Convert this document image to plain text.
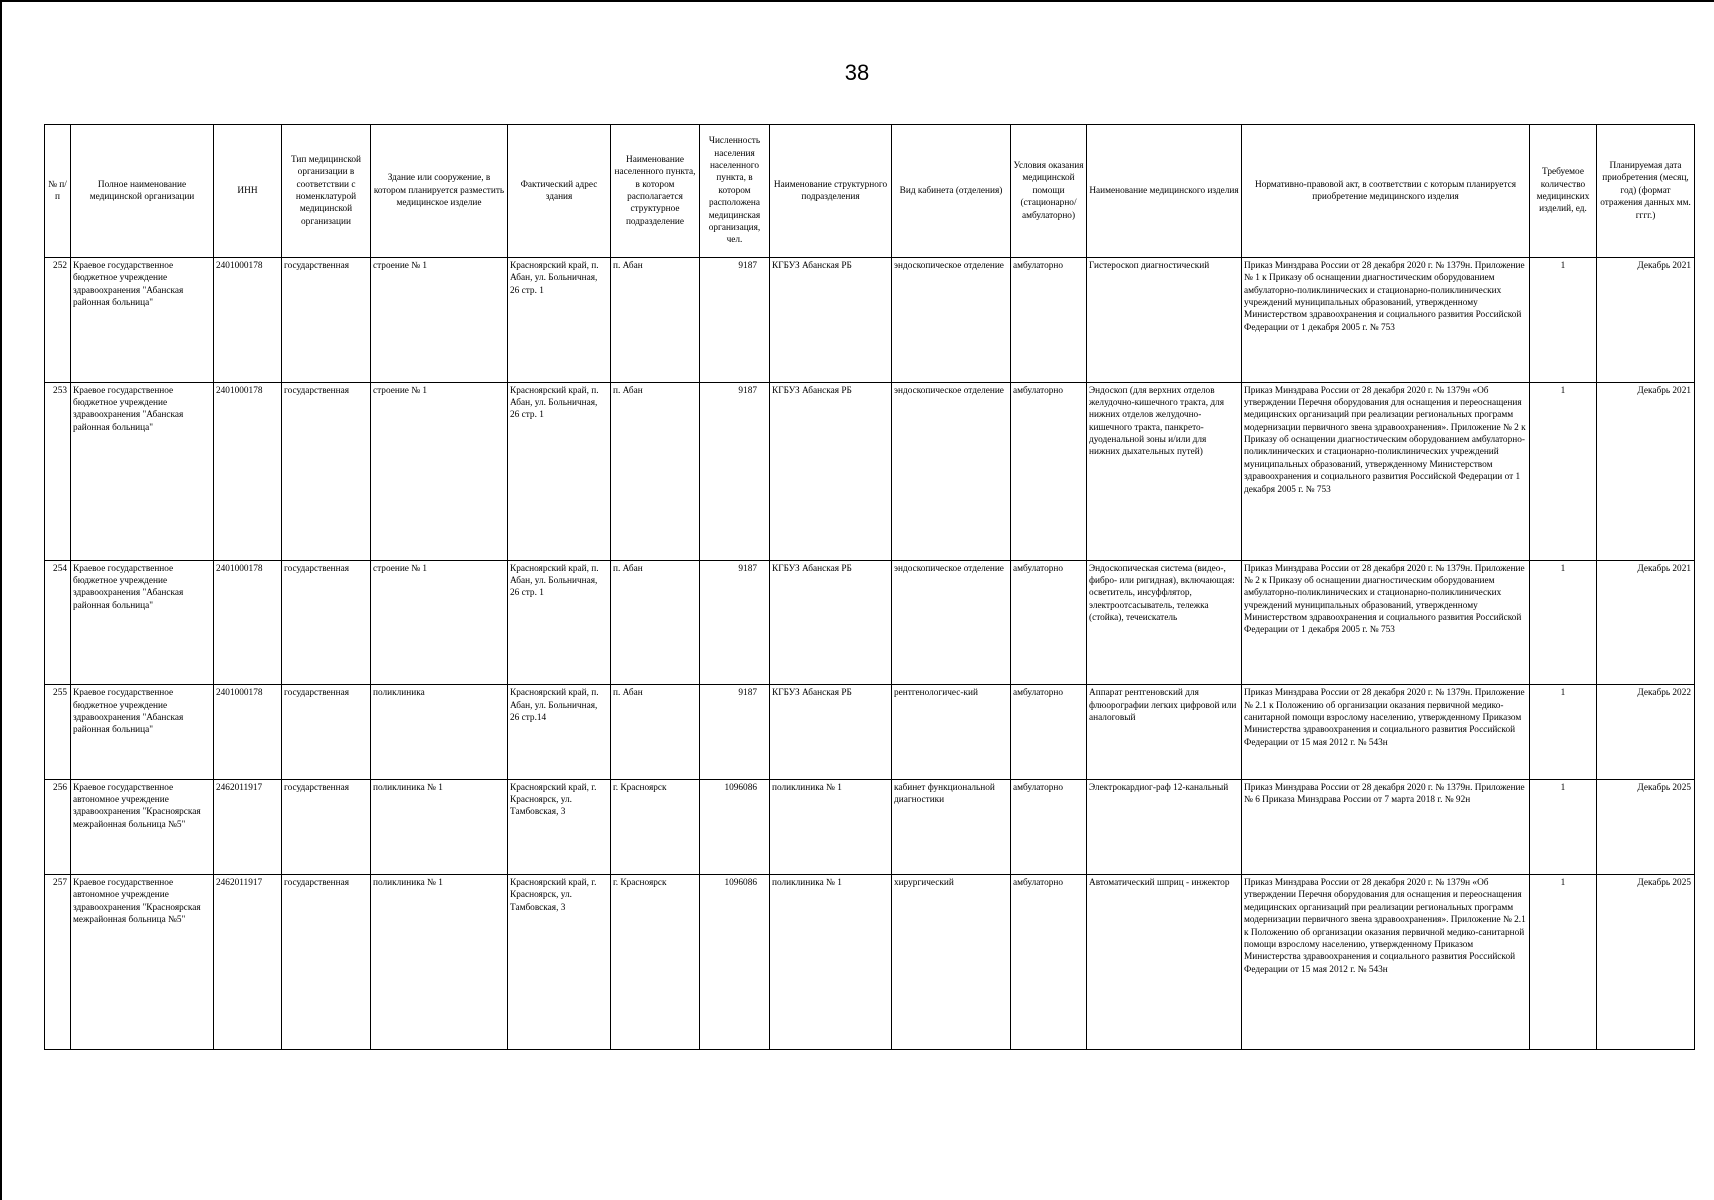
38
№ п/п	Полное наименование медицинской организации	ИНН	Тип медицинской организации в соответствии с номенклатурой медицинской организации	Здание или сооружение, в котором планируется разместить медицинское изделие	Фактический адрес здания	Наименование населенного пункта, в котором располагается структурное подразделение	Численность населения населенного пункта, в котором расположена медицинская организация, чел.	Наименование структурного подразделения	Вид кабинета (отделения)	Условия оказания медицинской помощи (стационарно/ амбулаторно)	Наименование медицинского изделия	Нормативно-правовой акт, в соответствии с которым планируется приобретение медицинского изделия	Требуемое количество медицинских изделий, ед.	Планируемая дата приобретения (месяц, год) (формат отражения данных мм. гггг.)
252	Краевое государственное бюджетное учреждение здравоохранения "Абанская районная больница"	2401000178	государственная	строение № 1	Красноярский край, п. Абан, ул. Больничная, 26 стр. 1	п. Абан	9187	КГБУЗ Абанская РБ	эндоскопическое отделение	амбулаторно	Гистероскоп диагностический	Приказ Минздрава России от 28 декабря 2020 г. № 1379н. Приложение № 1 к Приказу об оснащении диагностическим оборудованием амбулаторно-поликлинических и стационарно-поликлинических учреждений муниципальных образований, утвержденному Министерством здравоохранения и социального развития Российской Федерации от 1 декабря 2005 г. № 753	1	Декабрь 2021
253	Краевое государственное бюджетное учреждение здравоохранения "Абанская районная больница"	2401000178	государственная	строение № 1	Красноярский край, п. Абан, ул. Больничная, 26 стр. 1	п. Абан	9187	КГБУЗ Абанская РБ	эндоскопическое отделение	амбулаторно	Эндоскоп (для верхних отделов желудочно-кишечного тракта, для нижних отделов желудочно-кишечного тракта, панкрето-дуоденальной зоны и/или для нижних дыхательных путей)	Приказ Минздрава России от 28 декабря 2020 г. № 1379н «Об утверждении Перечня оборудования для оснащения и переоснащения медицинских организаций при реализации региональных программ модернизации первичного звена здравоохранения». Приложение № 2 к Приказу об оснащении диагностическим оборудованием амбулаторно-поликлинических и стационарно-поликлинических учреждений муниципальных образований, утвержденному Министерством здравоохранения и социального развития Российской Федерации от 1 декабря 2005 г. № 753	1	Декабрь 2021
254	Краевое государственное бюджетное учреждение здравоохранения "Абанская районная больница"	2401000178	государственная	строение № 1	Красноярский край, п. Абан, ул. Больничная, 26 стр. 1	п. Абан	9187	КГБУЗ Абанская РБ	эндоскопическое отделение	амбулаторно	Эндоскопическая система (видео-, фибро- или ригидная), включающая: осветитель, инсуффлятор, электроотсасыватель, тележка (стойка), течеискатель	Приказ Минздрава России от 28 декабря 2020 г. № 1379н. Приложение № 2 к Приказу об оснащении диагностическим оборудованием амбулаторно-поликлинических и стационарно-поликлинических учреждений муниципальных образований, утвержденному Министерством здравоохранения и социального развития Российской Федерации от 1 декабря 2005 г. № 753	1	Декабрь 2021
255	Краевое государственное бюджетное учреждение здравоохранения "Абанская районная больница"	2401000178	государственная	поликлиника	Красноярский край, п. Абан, ул. Больничная, 26 стр.14	п. Абан	9187	КГБУЗ Абанская РБ	рентгенологичес-кий	амбулаторно	Аппарат рентгеновский для флюорографии легких цифровой или аналоговый	Приказ Минздрава России от 28 декабря 2020 г. № 1379н. Приложение № 2.1 к Положению об организации оказания первичной медико-санитарной помощи взрослому населению, утвержденному Приказом Министерства здравоохранения и социального развития Российской Федерации от 15 мая 2012 г. № 543н	1	Декабрь 2022
256	Краевое государственное автономное учреждение здравоохранения "Красноярская межрайонная больница №5"	2462011917	государственная	поликлиника № 1	Красноярский край, г. Красноярск, ул. Тамбовская, 3	г. Красноярск	1096086	поликлиника № 1	кабинет функциональной диагностики	амбулаторно	Электрокардиог-раф 12-канальный	Приказ Минздрава России от 28 декабря 2020 г. № 1379н. Приложение № 6 Приказа Минздрава России от 7 марта 2018 г. № 92н	1	Декабрь 2025
257	Краевое государственное автономное учреждение здравоохранения "Красноярская межрайонная больница №5"	2462011917	государственная	поликлиника № 1	Красноярский край, г. Красноярск, ул. Тамбовская, 3	г. Красноярск	1096086	поликлиника № 1	хирургический	амбулаторно	Автоматический шприц - инжектор	Приказ Минздрава России от 28 декабря 2020 г. № 1379н «Об утверждении Перечня оборудования для оснащения и переоснащения медицинских организаций при реализации региональных программ модернизации первичного звена здравоохранения». Приложение № 2.1 к Положению об организации оказания первичной медико-санитарной помощи взрослому населению, утвержденному Приказом Министерства здравоохранения и социального развития Российской Федерации от 15 мая 2012 г. № 543н	1	Декабрь 2025
